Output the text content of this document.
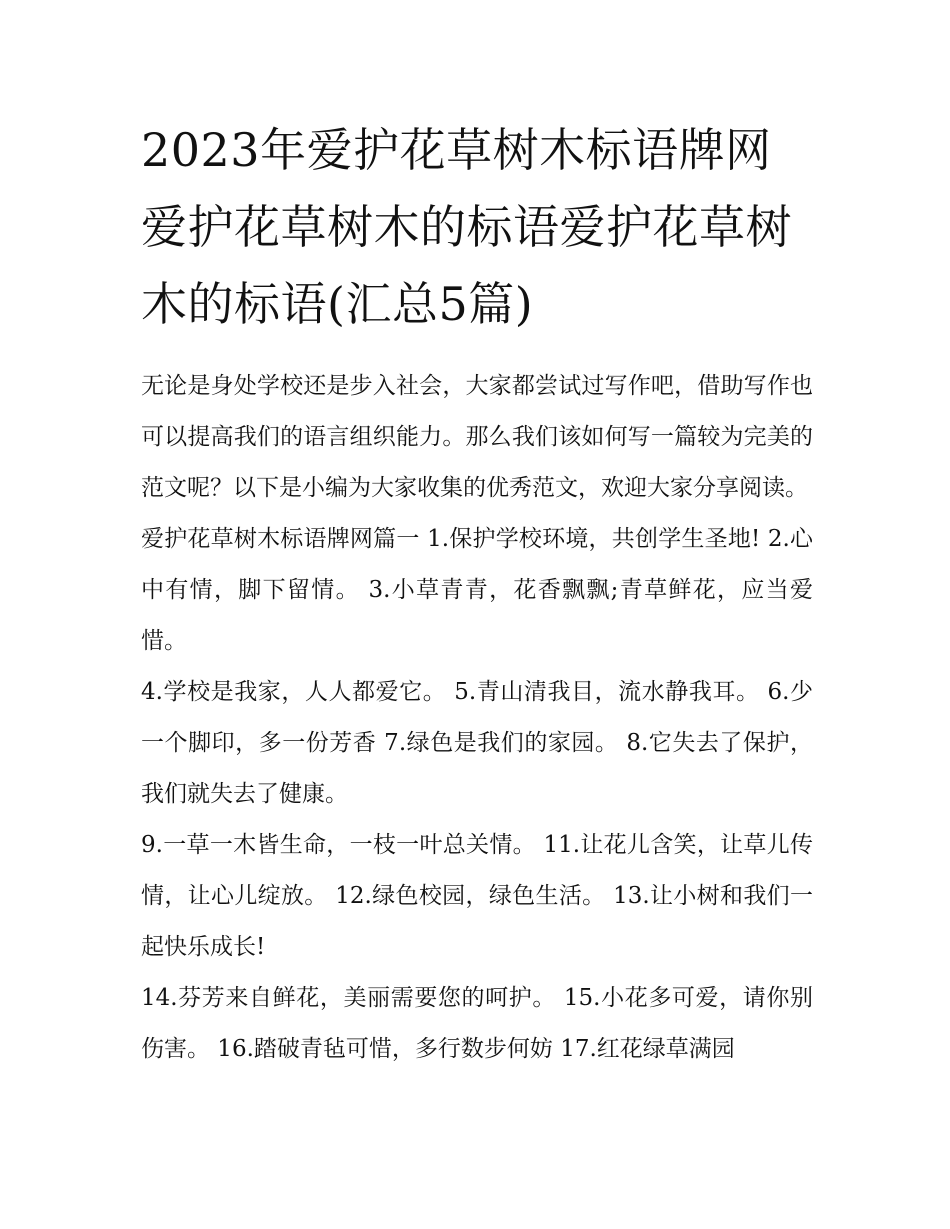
2023年爱护花草树木标语牌网爱护花草树木的标语爱护花草树木的标语(汇总5篇)

无论是身处学校还是步入社会，大家都尝试过写作吧，借助写作也可以提高我们的语言组织能力。那么我们该如何写一篇较为完美的范文呢？以下是小编为大家收集的优秀范文，欢迎大家分享阅读。

爱护花草树木标语牌网篇一 1.保护学校环境，共创学生圣地! 2.心中有情，脚下留情。 3.小草青青，花香飘飘;青草鲜花，应当爱惜。

4.学校是我家，人人都爱它。 5.青山清我目，流水静我耳。 6.少一个脚印，多一份芳香 7.绿色是我们的家园。 8.它失去了保护，我们就失去了健康。

9.一草一木皆生命，一枝一叶总关情。 11.让花儿含笑，让草儿传情，让心儿绽放。 12.绿色校园，绿色生活。 13.让小树和我们一起快乐成长!

14.芬芳来自鲜花，美丽需要您的呵护。 15.小花多可爱，请你别伤害。 16.踏破青毡可惜，多行数步何妨 17.红花绿草满园
